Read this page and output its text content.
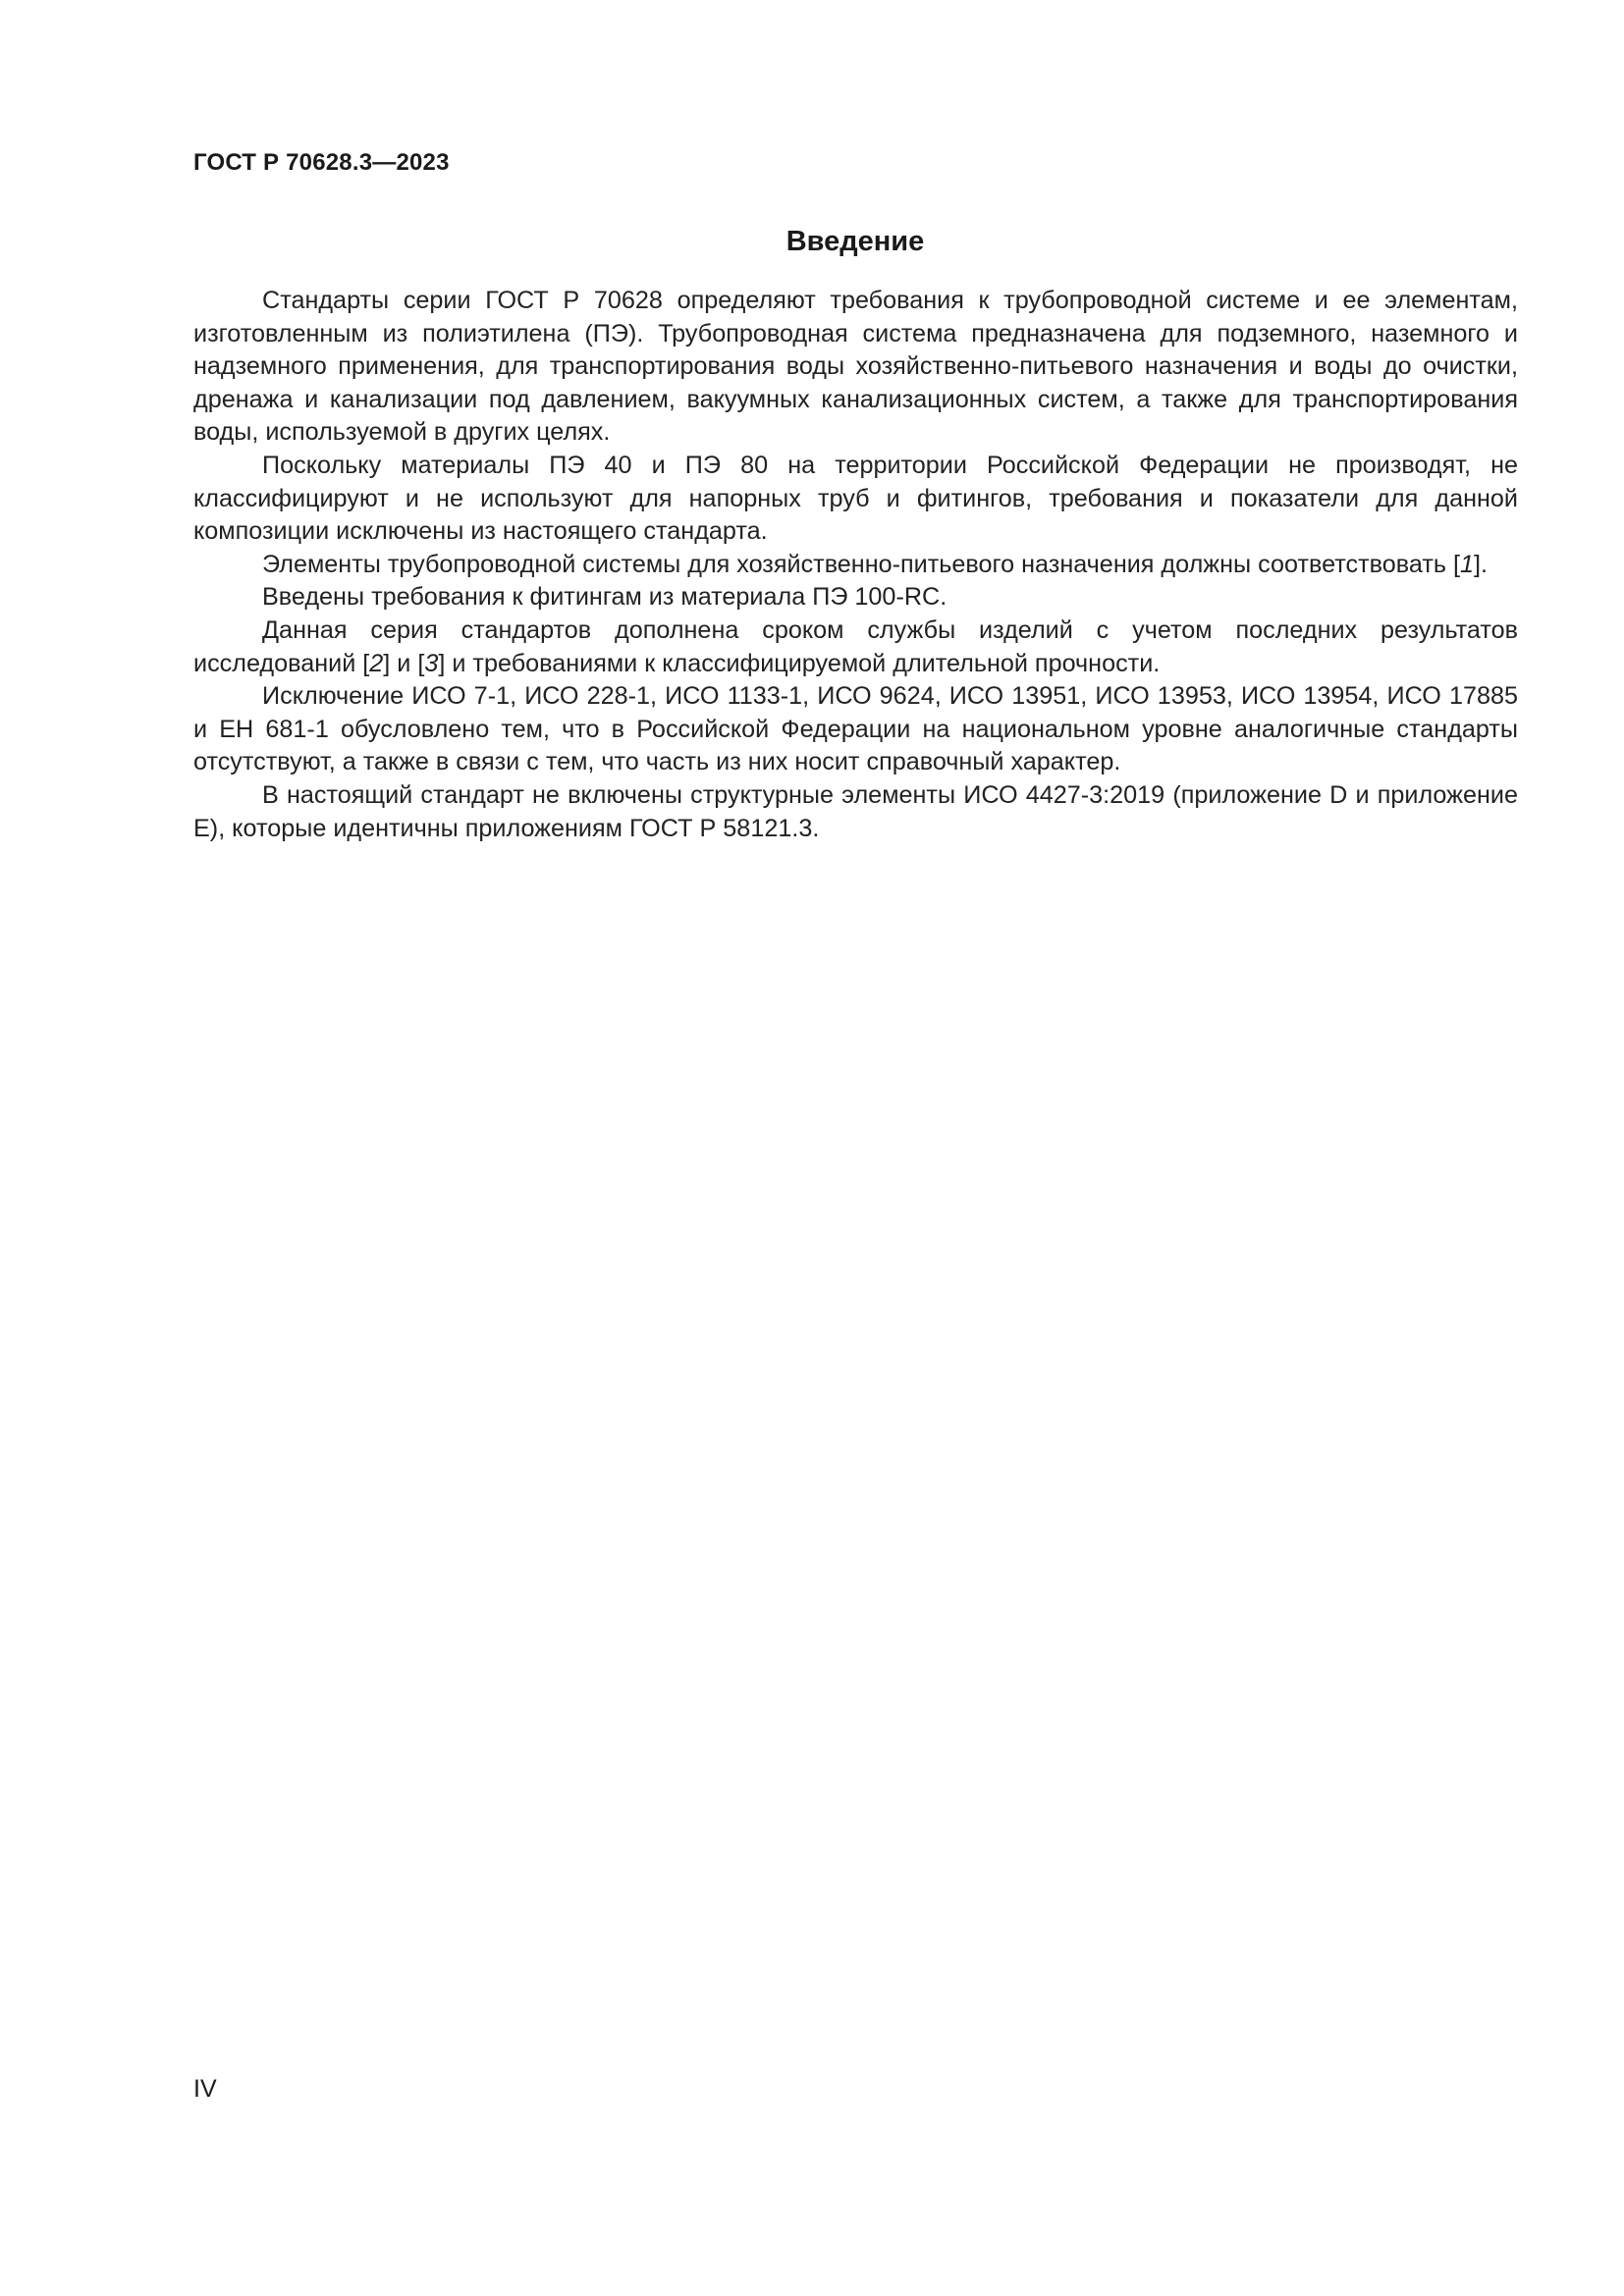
ГОСТ Р 70628.3—2023
Введение

Стандарты серии ГОСТ Р 70628 определяют требования к трубопроводной системе и ее элементам, изготовленным из полиэтилена (ПЭ). Трубопроводная система предназначена для подземного, наземного и надземного применения, для транспортирования воды хозяйственно-питьевого назначения и воды до очистки, дренажа и канализации под давлением, вакуумных канализационных систем, а также для транспортирования воды, используемой в других целях.

Поскольку материалы ПЭ 40 и ПЭ 80 на территории Российской Федерации не производят, не классифицируют и не используют для напорных труб и фитингов, требования и показатели для данной композиции исключены из настоящего стандарта.

Элементы трубопроводной системы для хозяйственно-питьевого назначения должны соответствовать [1].

Введены требования к фитингам из материала ПЭ 100-RC.

Данная серия стандартов дополнена сроком службы изделий с учетом последних результатов исследований [2] и [3] и требованиями к классифицируемой длительной прочности.

Исключение ИСО 7-1, ИСО 228-1, ИСО 1133-1, ИСО 9624, ИСО 13951, ИСО 13953, ИСО 13954, ИСО 17885 и ЕН 681-1 обусловлено тем, что в Российской Федерации на национальном уровне аналогичные стандарты отсутствуют, а также в связи с тем, что часть из них носит справочный характер.

В настоящий стандарт не включены структурные элементы ИСО 4427-3:2019 (приложение D и приложение E), которые идентичны приложениям ГОСТ Р 58121.3.

IV
